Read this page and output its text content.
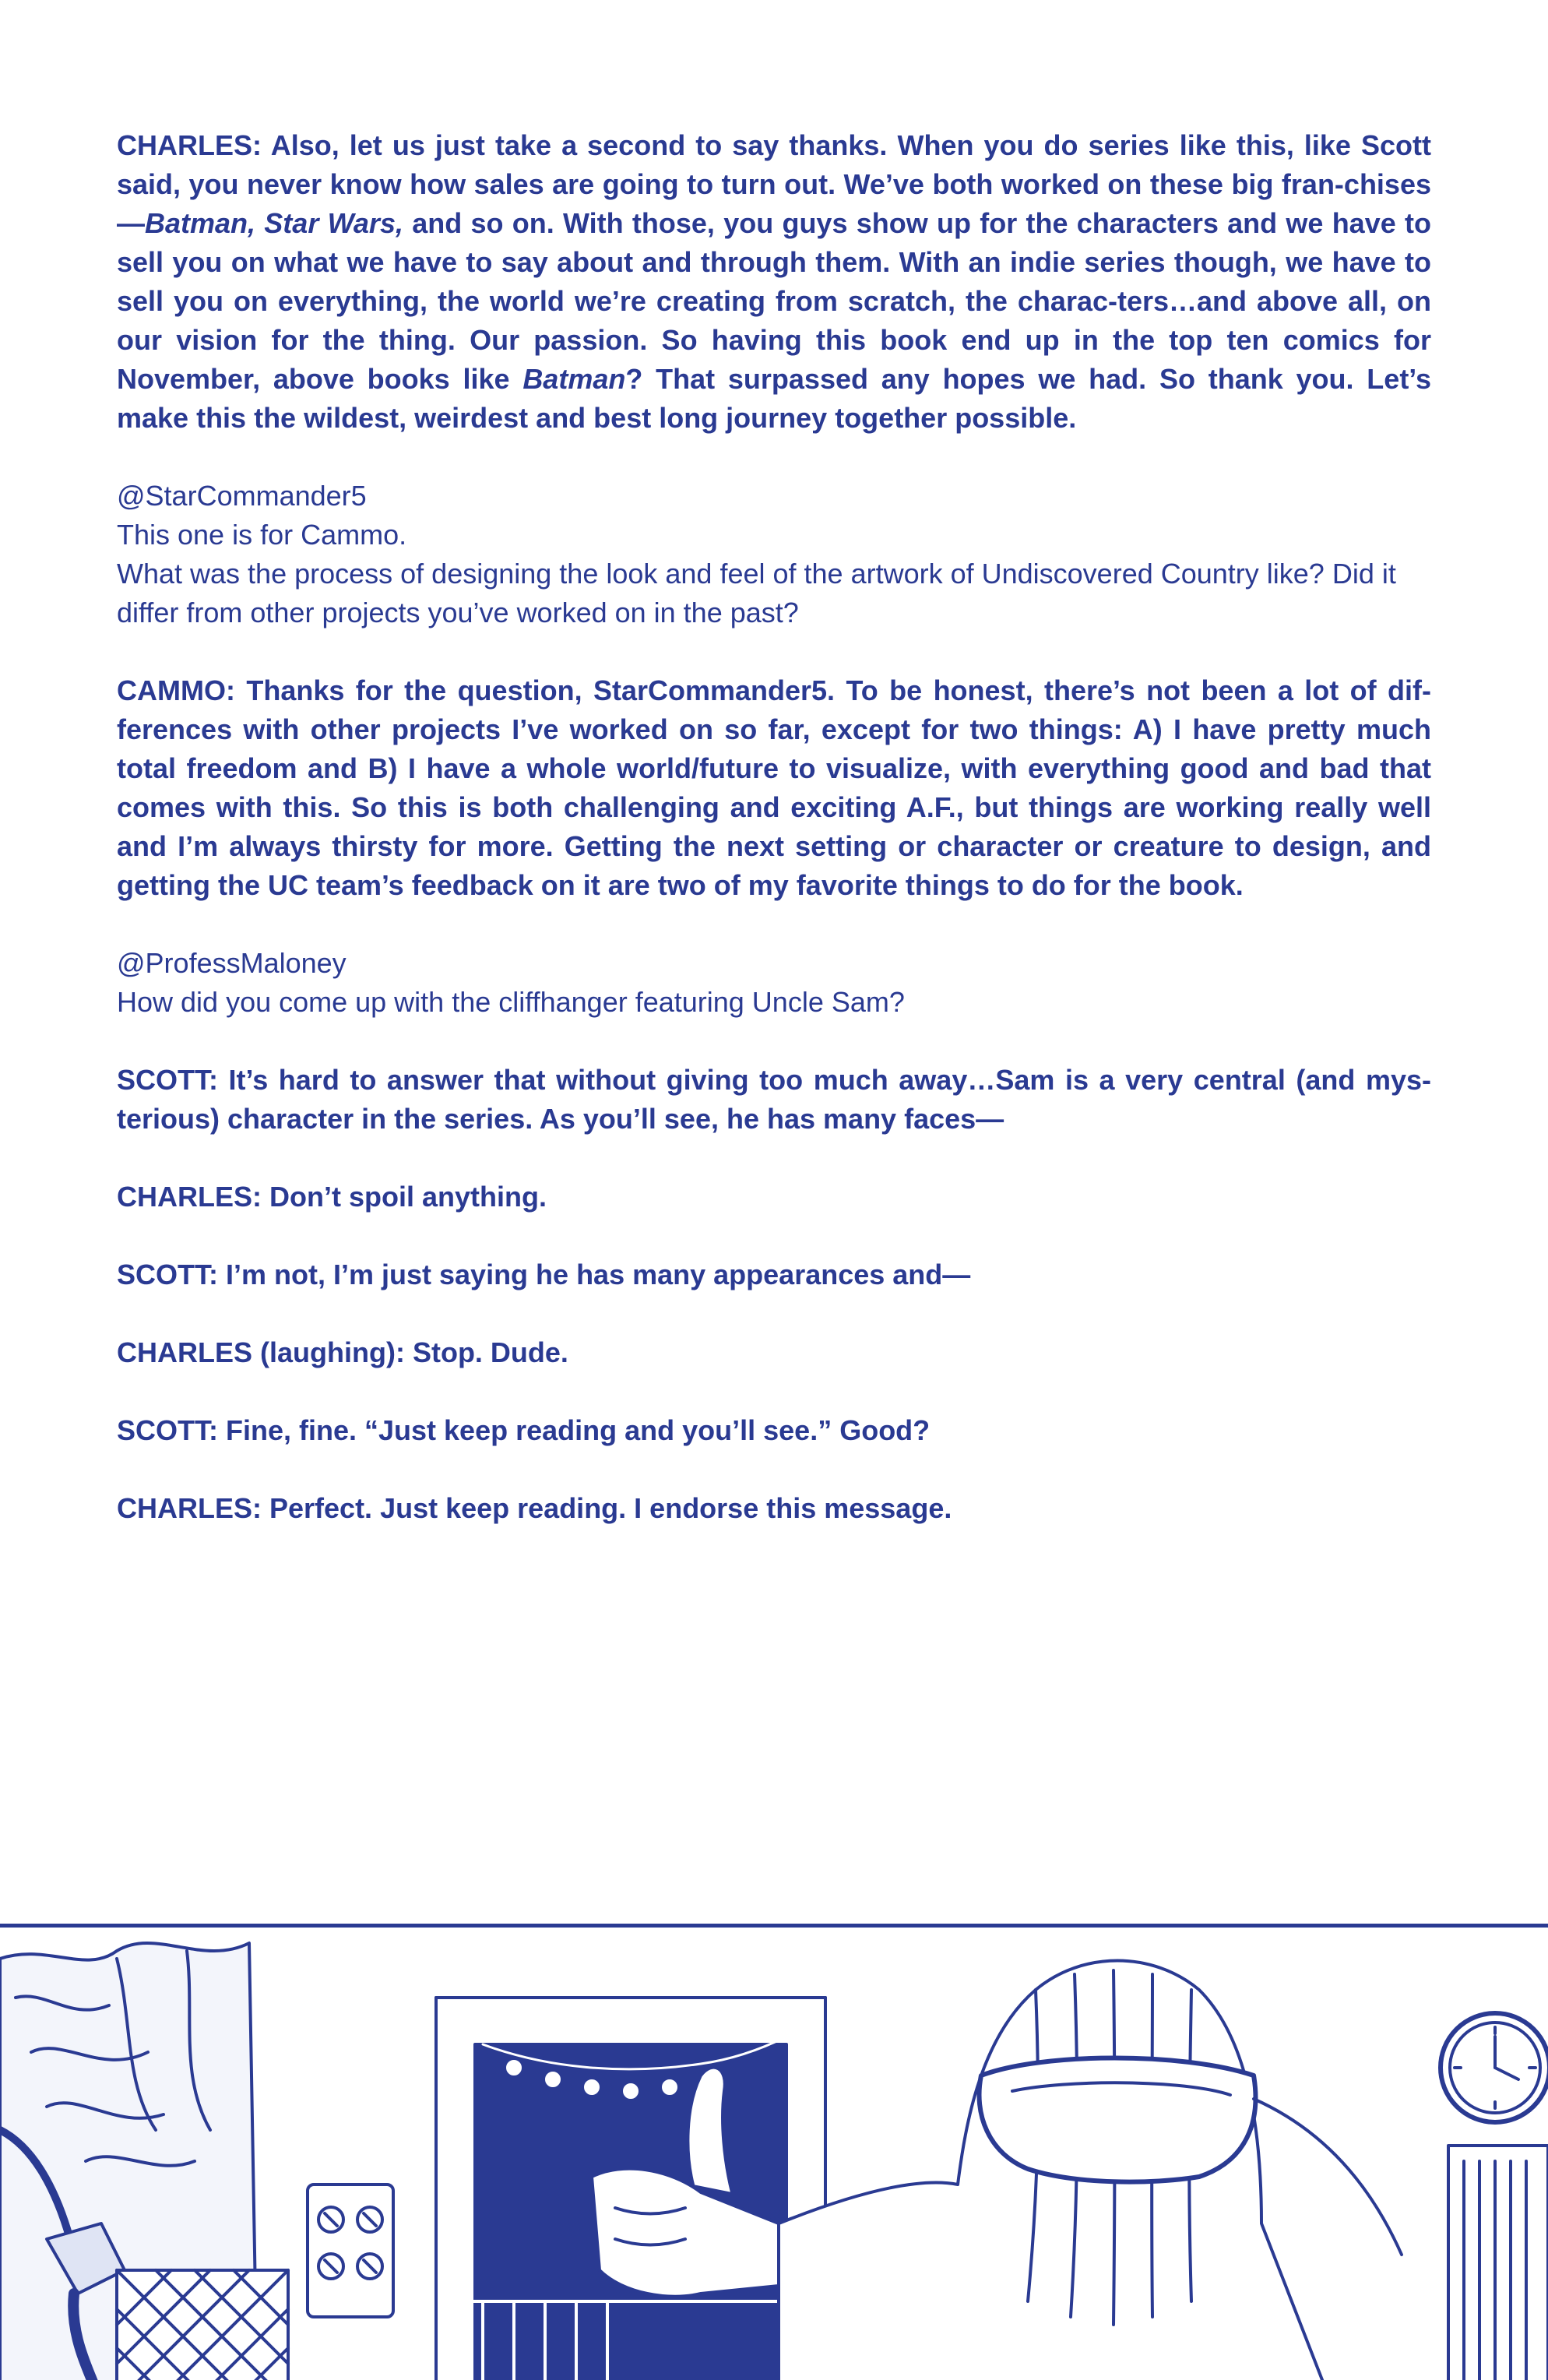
CHARLES: Also, let us just take a second to say thanks. When you do series like this, like Scott said, you never know how sales are going to turn out. We’ve both worked on these big fran-chises—Batman, Star Wars, and so on. With those, you guys show up for the characters and we have to sell you on what we have to say about and through them. With an indie series though, we have to sell you on everything, the world we’re creating from scratch, the charac-ters…and above all, on our vision for the thing. Our passion. So having this book end up in the top ten comics for November, above books like Batman? That surpassed any hopes we had. So thank you. Let’s make this the wildest, weirdest and best long journey together possible.

@StarCommander5

This one is for Cammo.

What was the process of designing the look and feel of the artwork of Undiscovered Country like? Did it differ from other projects you’ve worked on in the past?

CAMMO: Thanks for the question, StarCommander5. To be honest, there’s not been a lot of dif-ferences with other projects I’ve worked on so far, except for two things: A) I have pretty much total freedom and B) I have a whole world/future to visualize, with everything good and bad that comes with this. So this is both challenging and exciting A.F., but things are working really well and I’m always thirsty for more. Getting the next setting or character or creature to design, and getting the UC team’s feedback on it are two of my favorite things to do for the book.

@ProfessMaloney

How did you come up with the cliffhanger featuring Uncle Sam?

SCOTT: It’s hard to answer that without giving too much away…Sam is a very central (and mys-terious) character in the series. As you’ll see, he has many faces—

CHARLES: Don’t spoil anything.

SCOTT: I’m not, I’m just saying he has many appearances and—

CHARLES (laughing): Stop. Dude.

SCOTT: Fine, fine. “Just keep reading and you’ll see.” Good?

CHARLES: Perfect. Just keep reading. I endorse this message.
